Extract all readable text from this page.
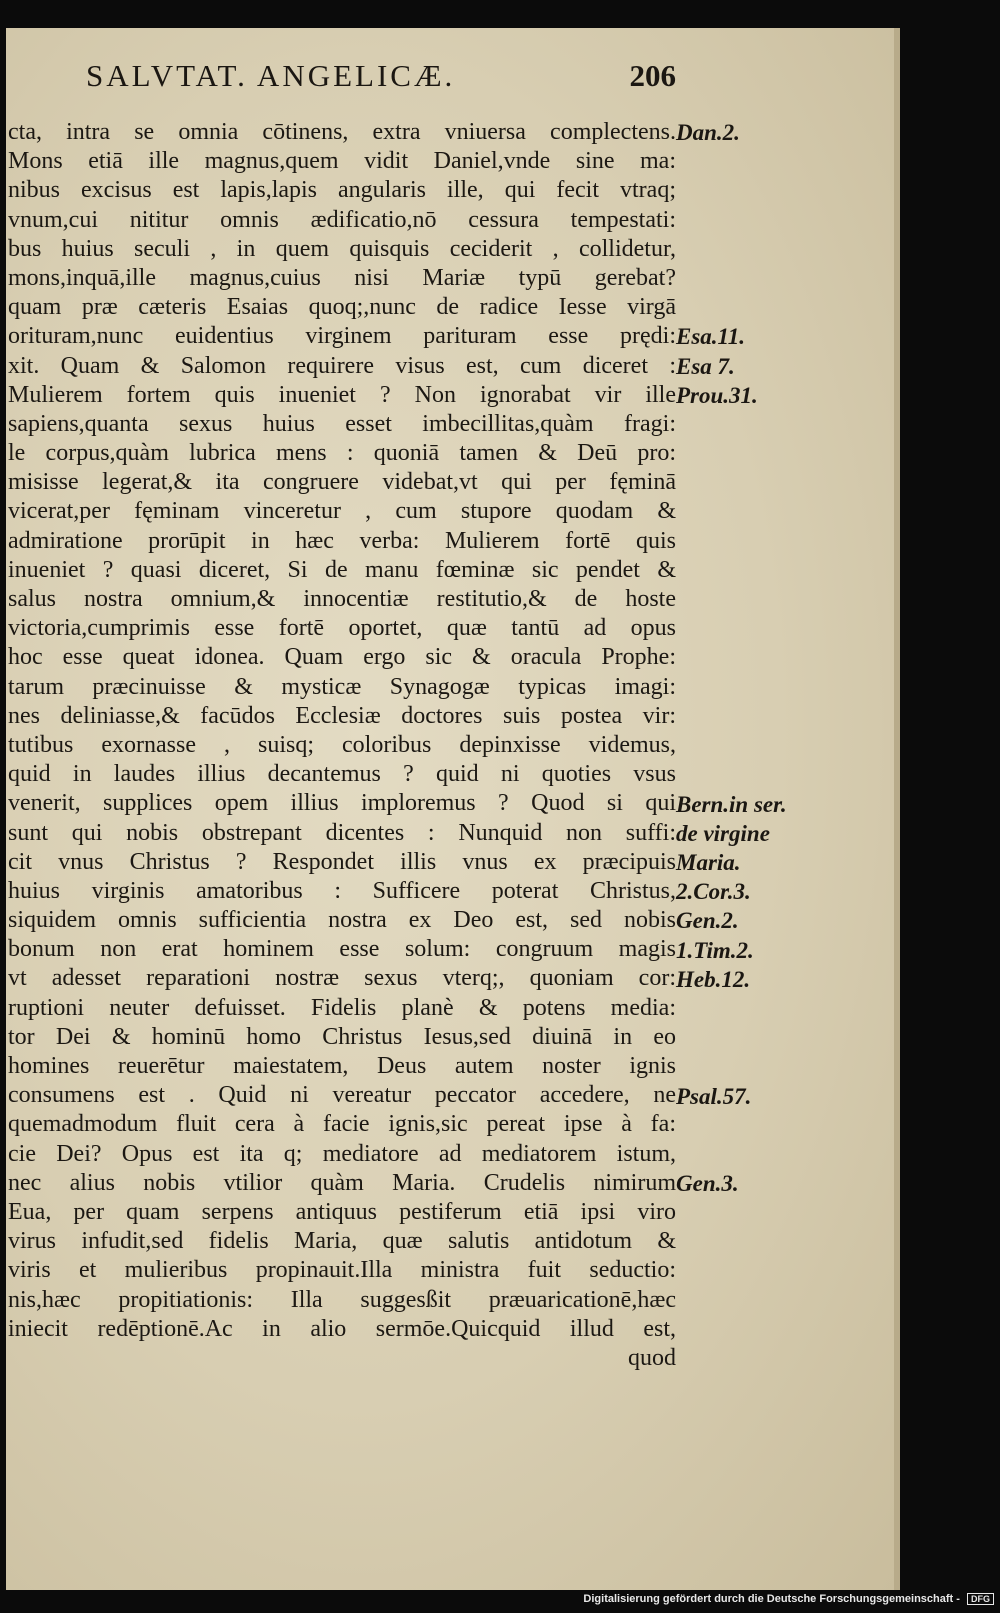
SALVTAT. ANGELICÆ.	206
cta, intra se omnia cōtinens, extra vniuersa complectens.
Mons etiā ille magnus,quem vidit Daniel,vnde sine ma:
nibus excisus est lapis,lapis angularis ille, qui fecit vtraq;
vnum,cui nititur omnis ædificatio,nō cessura tempestati:
bus huius seculi , in quem quisquis ceciderit , collidetur,
mons,inquā,ille magnus,cuius nisi Mariæ typū gerebat?
quam præ cæteris Esaias quoq;,nunc de radice Iesse virgā
orituram,nunc euidentius virginem parituram esse prędi:
xit. Quam & Salomon requirere visus est, cum diceret :
Mulierem fortem quis inueniet ? Non ignorabat vir ille
sapiens,quanta sexus huius esset imbecillitas,quàm fragi:
le corpus,quàm lubrica mens : quoniā tamen & Deū pro:
misisse legerat,& ita congruere videbat,vt qui per fęminā
vicerat,per fęminam vinceretur , cum stupore quodam &
admiratione prorūpit in hæc verba: Mulierem fortē quis
inueniet ? quasi diceret, Si de manu fœminæ sic pendet &
salus nostra omnium,& innocentiæ restitutio,& de hoste
victoria,cumprimis esse fortē oportet, quæ tantū ad opus
hoc esse queat idonea. Quam ergo sic & oracula Prophe:
tarum præcinuisse & mysticæ Synagogæ typicas imagi:
nes deliniasse,& facūdos Ecclesiæ doctores suis postea vir:
tutibus exornasse , suisq; coloribus depinxisse videmus,
quid in laudes illius decantemus ? quid ni quoties vsus
venerit, supplices opem illius imploremus ? Quod si qui
sunt qui nobis obstrepant dicentes : Nunquid non suffi:
cit vnus Christus ? Respondet illis vnus ex præcipuis
huius virginis amatoribus : Sufficere poterat Christus,
siquidem omnis sufficientia nostra ex Deo est, sed nobis
bonum non erat hominem esse solum: congruum magis
vt adesset reparationi nostræ sexus vterq;, quoniam cor:
ruptioni neuter defuisset. Fidelis planè & potens media:
tor Dei & hominū homo Christus Iesus,sed diuinā in eo
homines reuerētur maiestatem, Deus autem noster ignis
consumens est . Quid ni vereatur peccator accedere, ne
quemadmodum fluit cera à facie ignis,sic pereat ipse à fa:
cie Dei? Opus est ita q; mediatore ad mediatorem istum,
nec alius nobis vtilior quàm Maria. Crudelis nimirum
Eua, per quam serpens antiquus pestiferum etiā ipsi viro
virus infudit,sed fidelis Maria, quæ salutis antidotum &
viris et mulieribus propinauit.Illa ministra fuit seductio:
nis,hæc propitiationis: Illa suggesßit præuaricationē,hæc
iniecit redēptionē.Ac in alio sermōe.Quicquid illud est,
quod
Dan.2.
Esa.11.
Esa 7.
Prou.31.
Bern.in ser.
de virgine
Maria.
2.Cor.3.
Gen.2.
1.Tim.2.
Heb.12.
Psal.57.
Gen.3.
Digitalisierung gefördert durch die Deutsche Forschungsgemeinschaft - DFG
